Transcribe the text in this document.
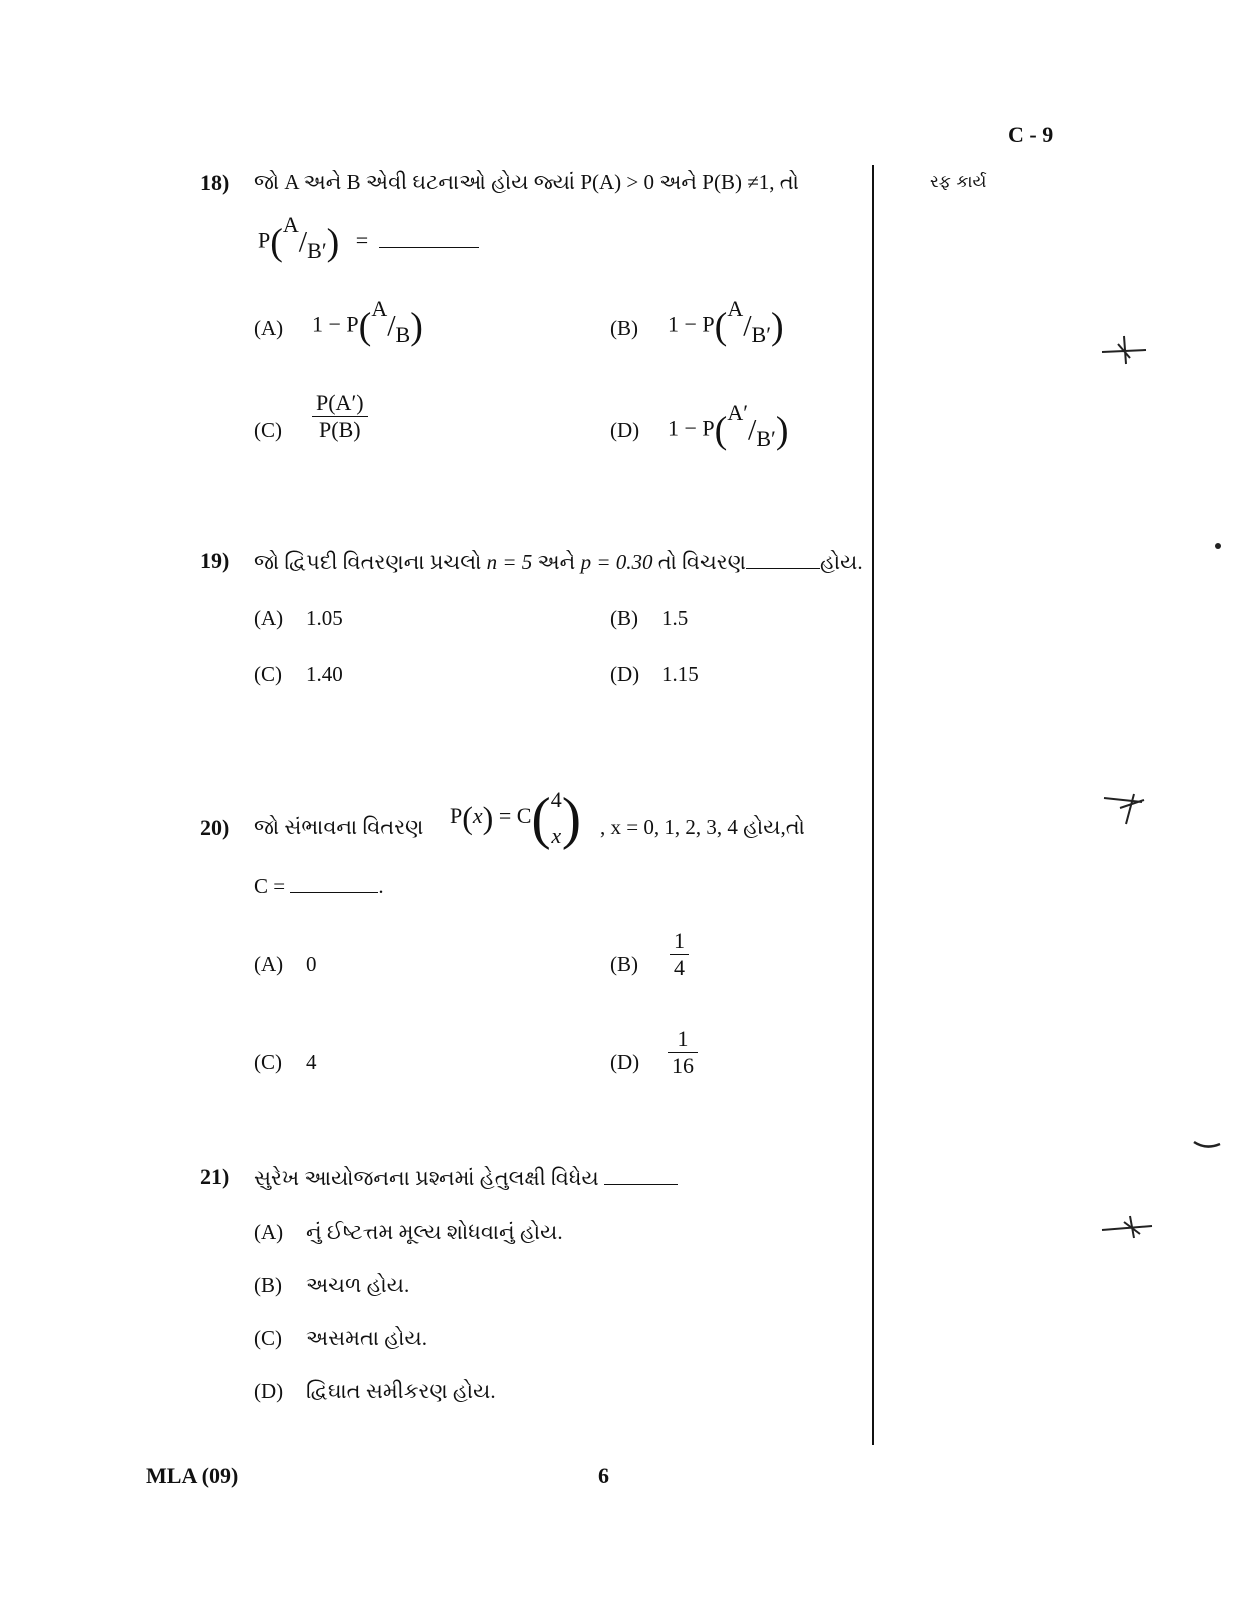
C - 9
રફ કાર્ય
18) જો A અને B એવી ઘટનાઓ હોય જ્યાં P(A) > 0 અને P(B) ≠1, તો
P(A/B′)   =
(A)	1 − P(A/B)	(B)	1 − P(A/B′)
(C)	$\frac{P(A')}{P(B)}$	(D)	1 − P(A′/B′)
19) જો દ્વિપદી વિતરણના પ્રચલો n = 5 અને p = 0.30 તો વિચરણ	હોય.
(A) 1.05	(B) 1.5
(C) 1.40	(D) 1.15
20) જો સંભાવના વિતરણ P(x) = C(4
x) , x = 0, 1, 2, 3, 4 હોય,તો
C =	.
(A) 0	(B)	$\frac{1}{4}$
(C) 4	(D)	$\frac{1}{16}$
21) સુરેખ આયોજનના પ્રશ્નમાં હેતુલક્ષી વિધેય
(A) નું ઈષ્ટત્તમ મૂલ્ય શોધવાનું હોય.
(B) અચળ હોય.
(C) અસમતા હોય.
(D) દ્વિઘાત સમીકરણ હોય.
MLA (09)	6
